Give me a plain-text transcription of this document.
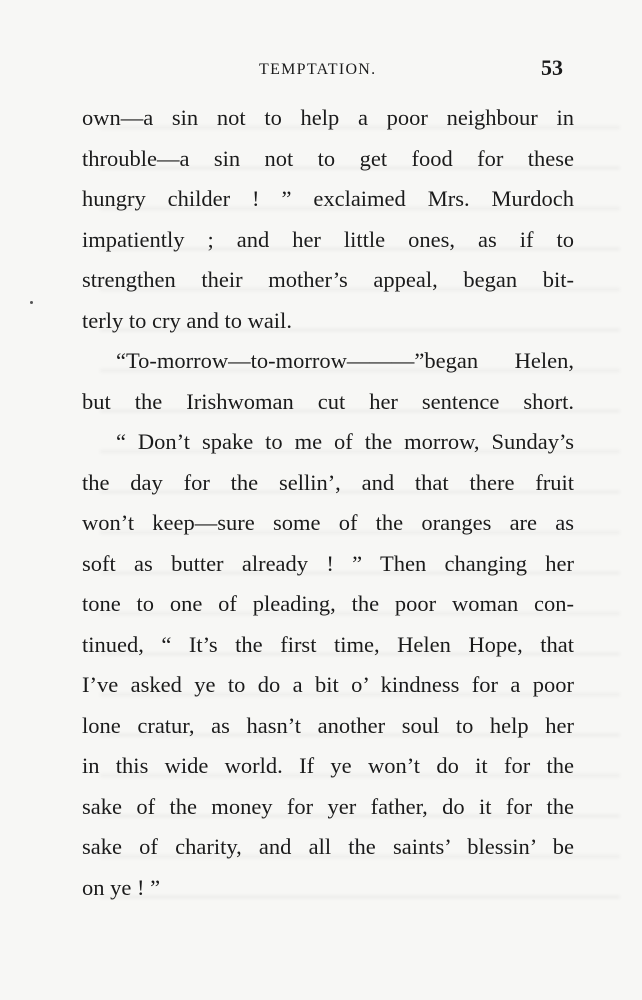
TEMPTATION.	53
own—a sin not to help a poor neighbour in
throuble—a sin not to get food for these
hungry childer ! ” exclaimed Mrs. Murdoch
impatiently ; and her little ones, as if to
strengthen their mother’s appeal, began bit-
terly to cry and to wail.
“To-morrow—to-morrow———”began Helen,
but the Irishwoman cut her sentence short.
“ Don’t spake to me of the morrow, Sunday’s
the day for the sellin’, and that there fruit
won’t keep—sure some of the oranges are as
soft as butter already ! ” Then changing her
tone to one of pleading, the poor woman con-
tinued, “ It’s the first time, Helen Hope, that
I’ve asked ye to do a bit o’ kindness for a poor
lone cratur, as hasn’t another soul to help her
in this wide world. If ye won’t do it for the
sake of the money for yer father, do it for the
sake of charity, and all the saints’ blessin’ be
on ye ! ”
